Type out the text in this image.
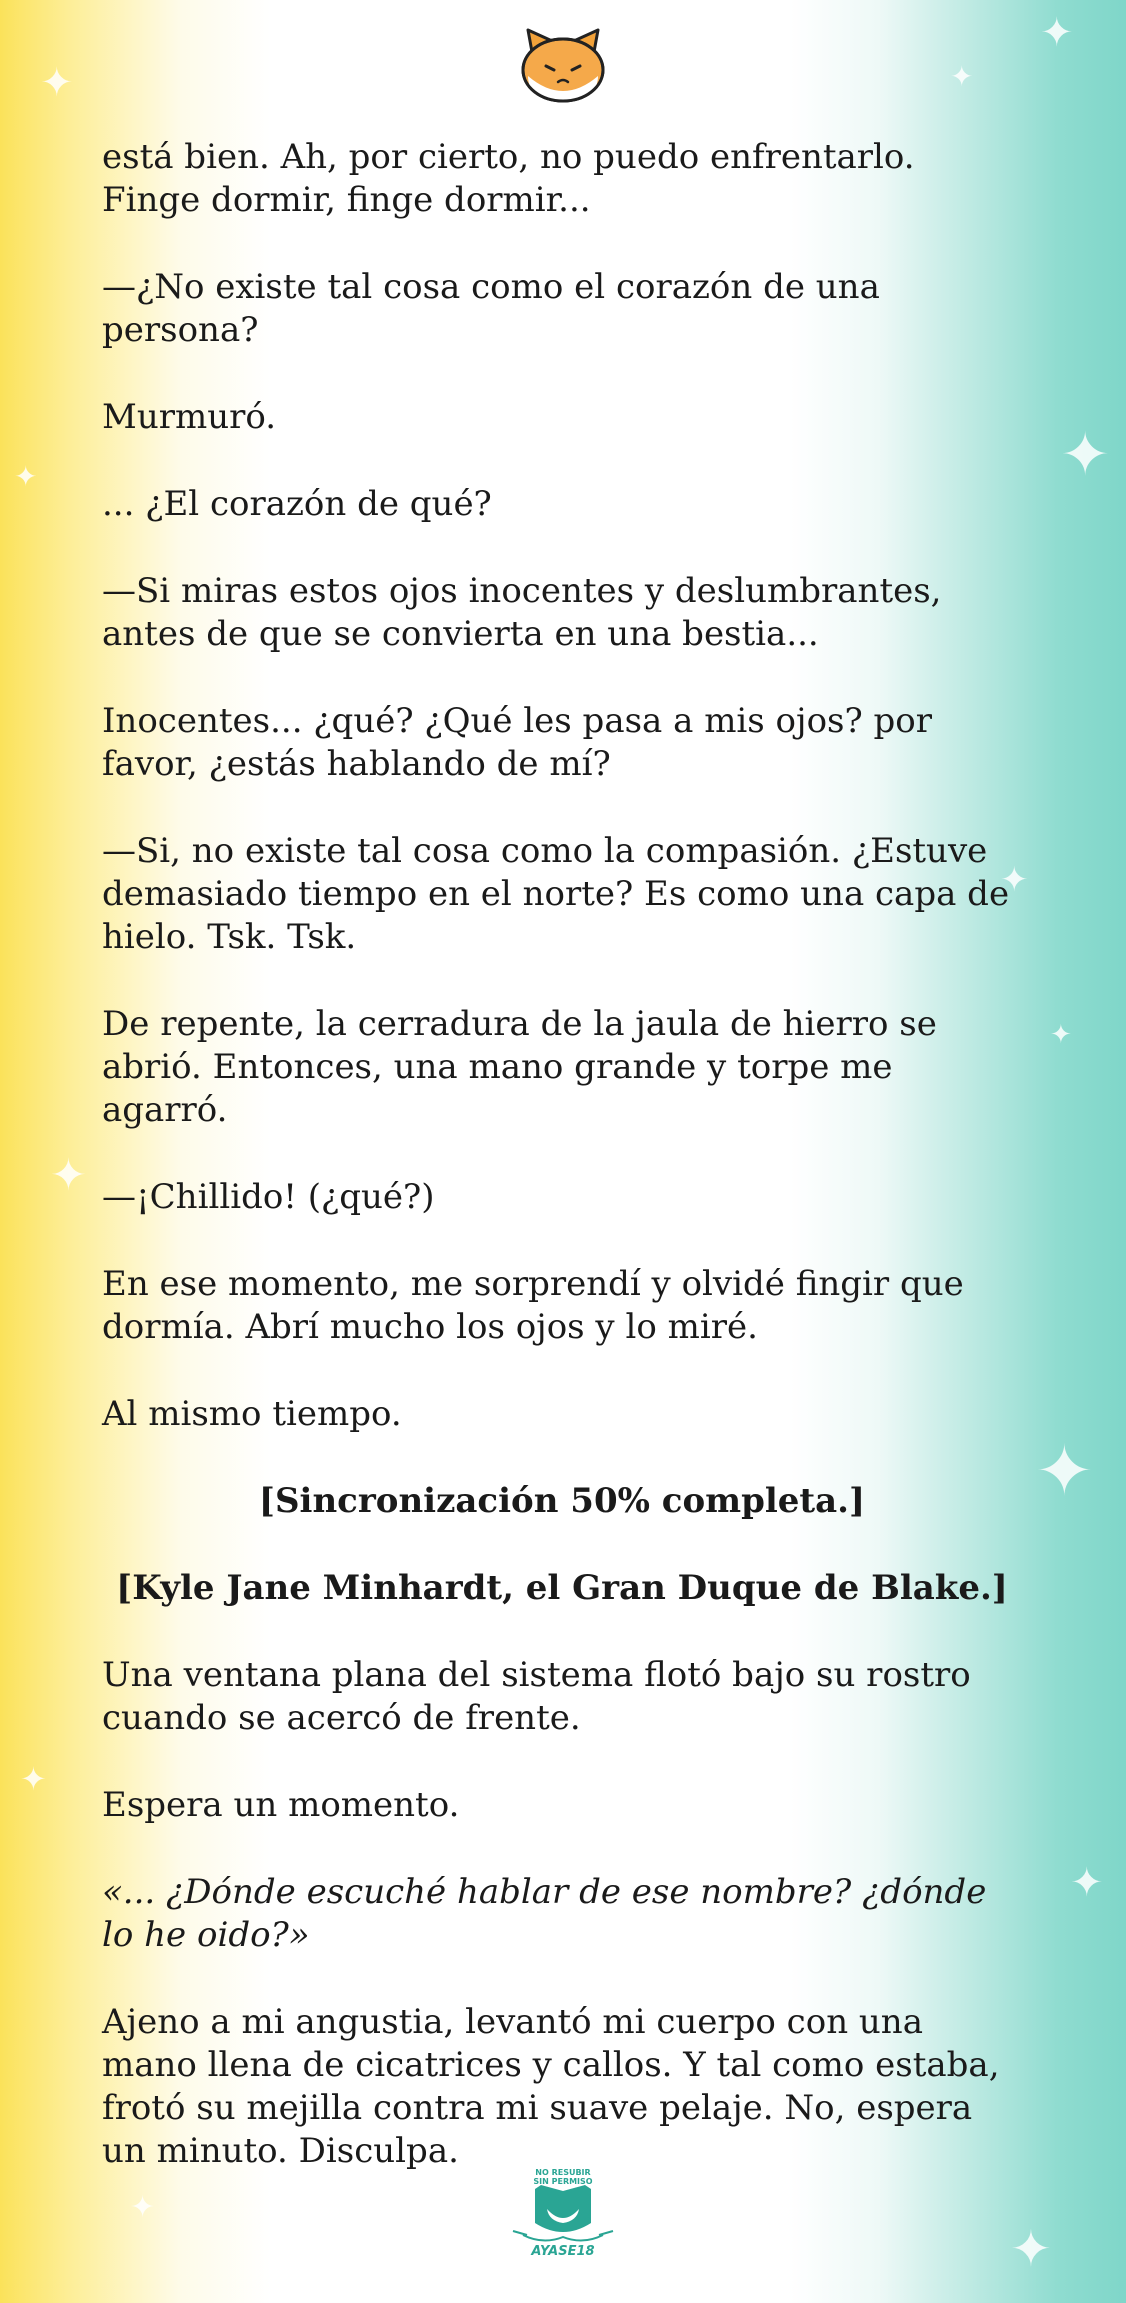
✦
✦
✦
✦
✦
✦
✦
✦
✦
✦
✦
✦
✦

está bien. Ah, por cierto, no puedo enfrentarlo. Finge dormir, finge dormir...

—¿No existe tal cosa como el corazón de una persona?

Murmuró.

... ¿El corazón de qué?

—Si miras estos ojos inocentes y deslumbrantes, antes de que se convierta en una bestia...

Inocentes... ¿qué? ¿Qué les pasa a mis ojos? por favor, ¿estás hablando de mí?

—Si, no existe tal cosa como la compasión. ¿Estuve demasiado tiempo en el norte? Es como una capa de hielo. Tsk. Tsk.

De repente, la cerradura de la jaula de hierro se abrió. Entonces, una mano grande y torpe me agarró.

—¡Chillido! (¿qué?)

En ese momento, me sorprendí y olvidé fingir que dormía. Abrí mucho los ojos y lo miré.

Al mismo tiempo.

[Sincronización 50% completa.]

[Kyle Jane Minhardt, el Gran Duque de Blake.]

Una ventana plana del sistema flotó bajo su rostro cuando se acercó de frente.

Espera un momento.

«... ¿Dónde escuché hablar de ese nombre? ¿dónde lo he oido?»

Ajeno a mi angustia, levantó mi cuerpo con una mano llena de cicatrices y callos. Y tal como estaba, frotó su mejilla contra mi suave pelaje. No, espera un minuto. Disculpa.

NO RESUBIR
SIN PERMISO
AYASE18
